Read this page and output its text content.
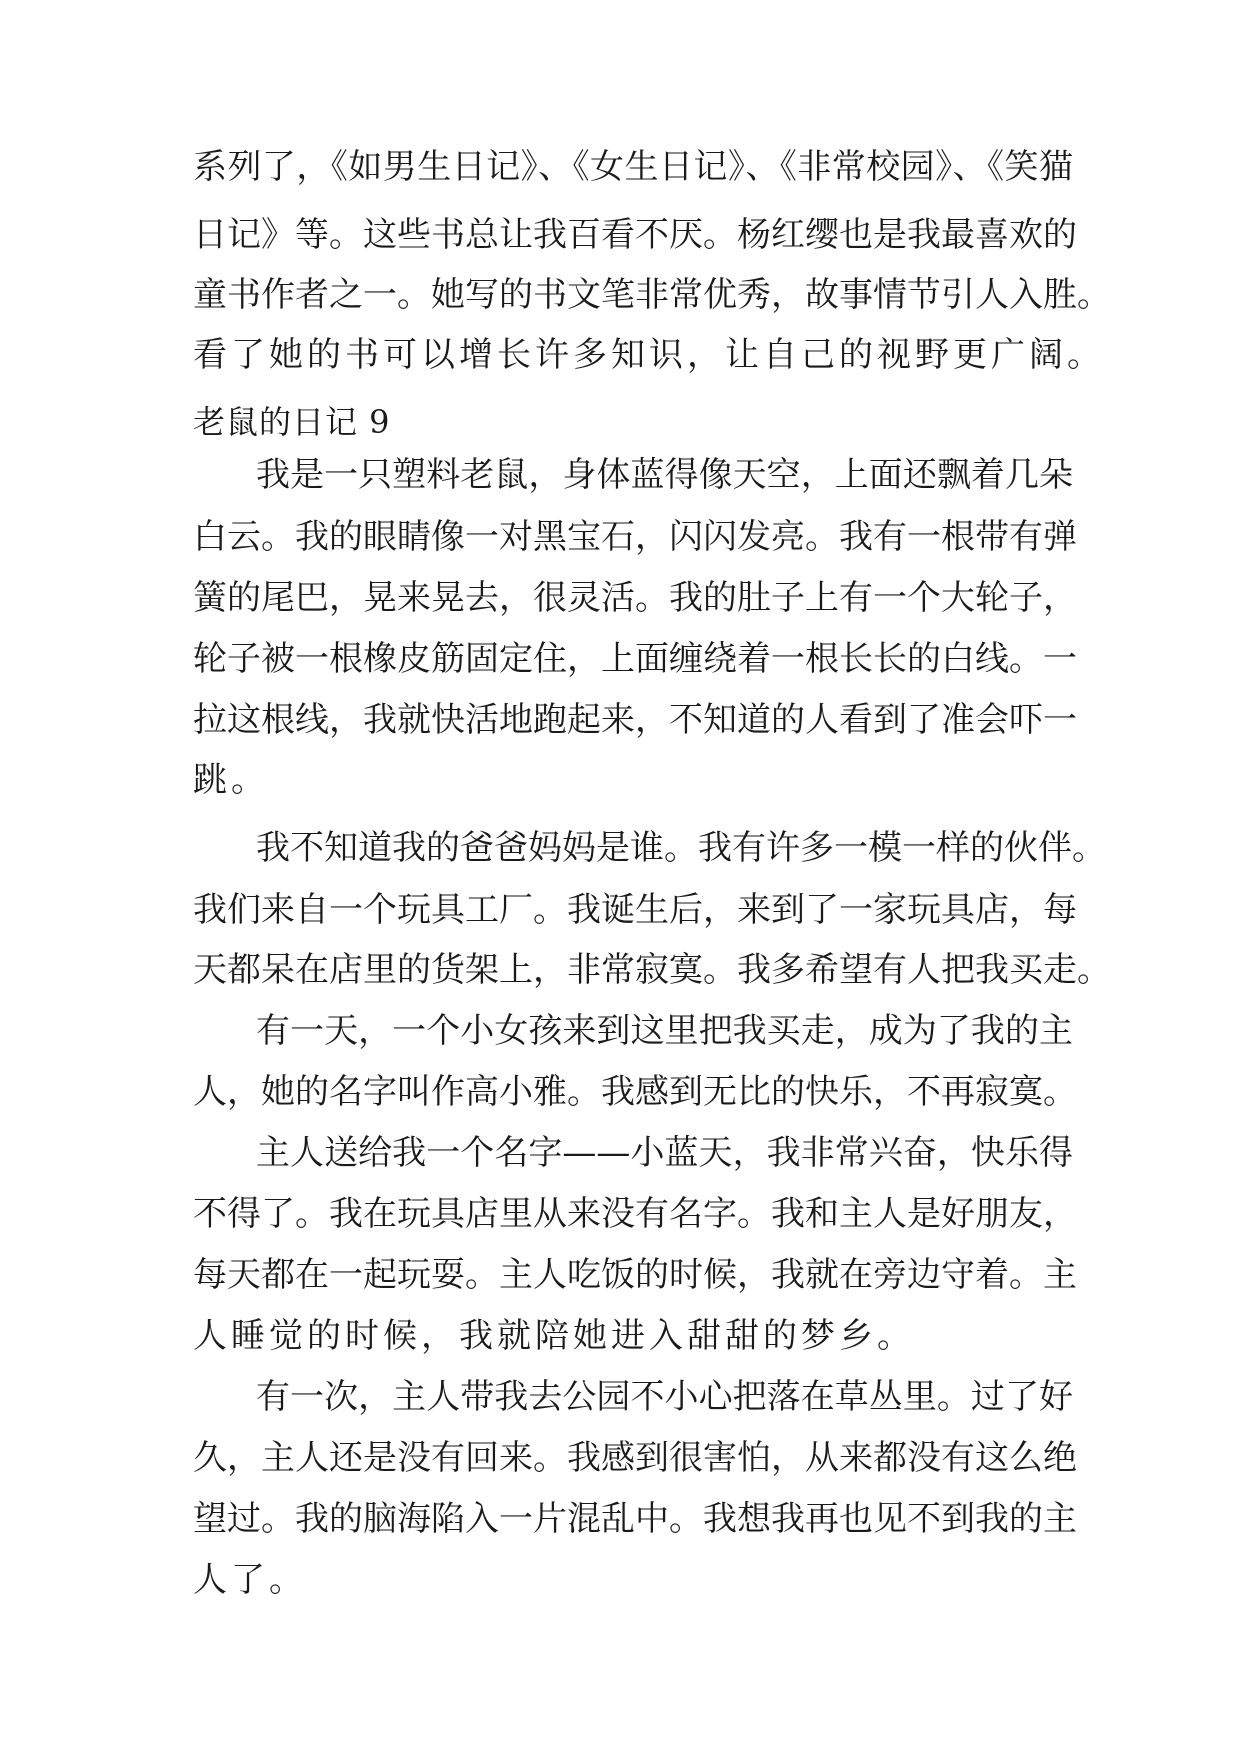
系列了，《如男生日记》、《女生日记》、《非常校园》、《笑猫
日记》等。这些书总让我百看不厌。杨红缨也是我最喜欢的
童书作者之一。她写的书文笔非常优秀，故事情节引人入胜。
看了她的书可以增长许多知识，让自己的视野更广阔。
老鼠的日记 9
我是一只塑料老鼠，身体蓝得像天空，上面还飘着几朵
白云。我的眼睛像一对黑宝石，闪闪发亮。我有一根带有弹
簧的尾巴，晃来晃去，很灵活。我的肚子上有一个大轮子，
轮子被一根橡皮筋固定住，上面缠绕着一根长长的白线。一
拉这根线，我就快活地跑起来，不知道的人看到了准会吓一
跳。
我不知道我的爸爸妈妈是谁。我有许多一模一样的伙伴。
我们来自一个玩具工厂。我诞生后，来到了一家玩具店，每
天都呆在店里的货架上，非常寂寞。我多希望有人把我买走。
有一天，一个小女孩来到这里把我买走，成为了我的主
人，她的名字叫作高小雅。我感到无比的快乐，不再寂寞。
主人送给我一个名字——小蓝天，我非常兴奋，快乐得
不得了。我在玩具店里从来没有名字。我和主人是好朋友，
每天都在一起玩耍。主人吃饭的时候，我就在旁边守着。主
人睡觉的时候，我就陪她进入甜甜的梦乡。
有一次，主人带我去公园不小心把落在草丛里。过了好
久，主人还是没有回来。我感到很害怕，从来都没有这么绝
望过。我的脑海陷入一片混乱中。我想我再也见不到我的主
人了。
